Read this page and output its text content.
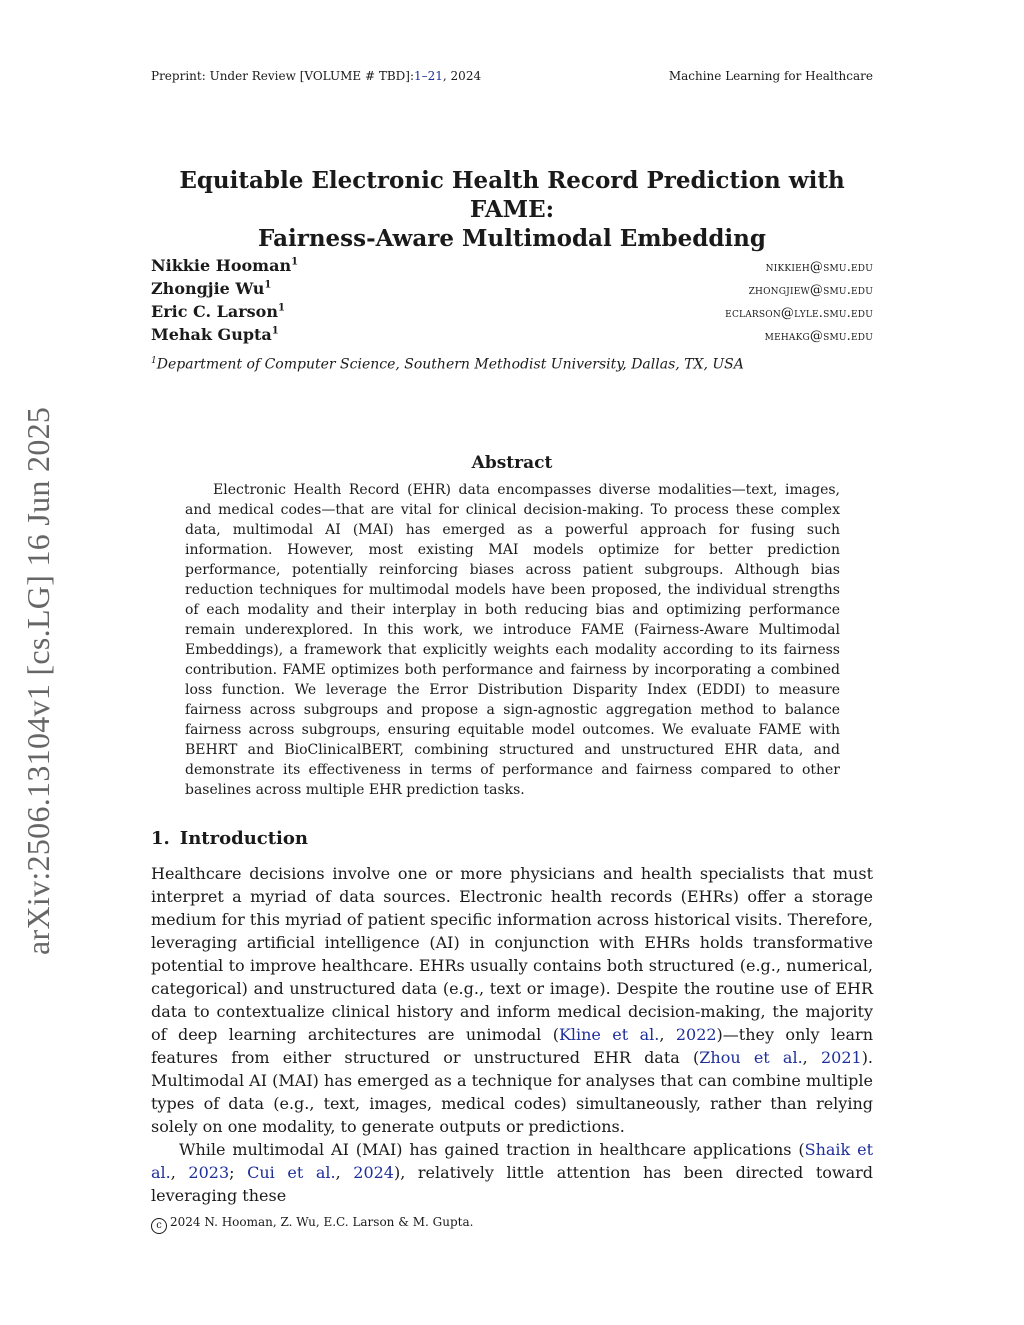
Preprint: Under Review [VOLUME # TBD]:1–21, 2024	Machine Learning for Healthcare
arXiv:2506.13104v1 [cs.LG] 16 Jun 2025
Equitable Electronic Health Record Prediction with FAME:
Fairness-Aware Multimodal Embedding
Nikkie Hooman$^1$	nikkieh@smu.edu
Zhongjie Wu$^1$	zhongjiew@smu.edu
Eric C. Larson$^1$	eclarson@lyle.smu.edu
Mehak Gupta$^1$	mehakg@smu.edu
$^1$Department of Computer Science, Southern Methodist University, Dallas, TX, USA
Abstract
Electronic Health Record (EHR) data encompasses diverse modalities—text, images, and medical codes—that are vital for clinical decision-making. To process these complex data, multimodal AI (MAI) has emerged as a powerful approach for fusing such information. However, most existing MAI models optimize for better prediction performance, potentially reinforcing biases across patient subgroups. Although bias reduction techniques for multimodal models have been proposed, the individual strengths of each modality and their interplay in both reducing bias and optimizing performance remain underexplored. In this work, we introduce FAME (Fairness-Aware Multimodal Embeddings), a framework that explicitly weights each modality according to its fairness contribution. FAME optimizes both performance and fairness by incorporating a combined loss function. We leverage the Error Distribution Disparity Index (EDDI) to measure fairness across subgroups and propose a sign-agnostic aggregation method to balance fairness across subgroups, ensuring equitable model outcomes. We evaluate FAME with BEHRT and BioClinicalBERT, combining structured and unstructured EHR data, and demonstrate its effectiveness in terms of performance and fairness compared to other baselines across multiple EHR prediction tasks.
1. Introduction

Healthcare decisions involve one or more physicians and health specialists that must interpret a myriad of data sources. Electronic health records (EHRs) offer a storage medium for this myriad of patient specific information across historical visits. Therefore, leveraging artificial intelligence (AI) in conjunction with EHRs holds transformative potential to improve healthcare. EHRs usually contains both structured (e.g., numerical, categorical) and unstructured data (e.g., text or image). Despite the routine use of EHR data to contextualize clinical history and inform medical decision-making, the majority of deep learning architectures are unimodal (Kline et al., 2022)—they only learn features from either structured or unstructured EHR data (Zhou et al., 2021). Multimodal AI (MAI) has emerged as a technique for analyses that can combine multiple types of data (e.g., text, images, medical codes) simultaneously, rather than relying solely on one modality, to generate outputs or predictions.

While multimodal AI (MAI) has gained traction in healthcare applications (Shaik et al., 2023; Cui et al., 2024), relatively little attention has been directed toward leveraging these

c 2024 N. Hooman, Z. Wu, E.C. Larson & M. Gupta.
